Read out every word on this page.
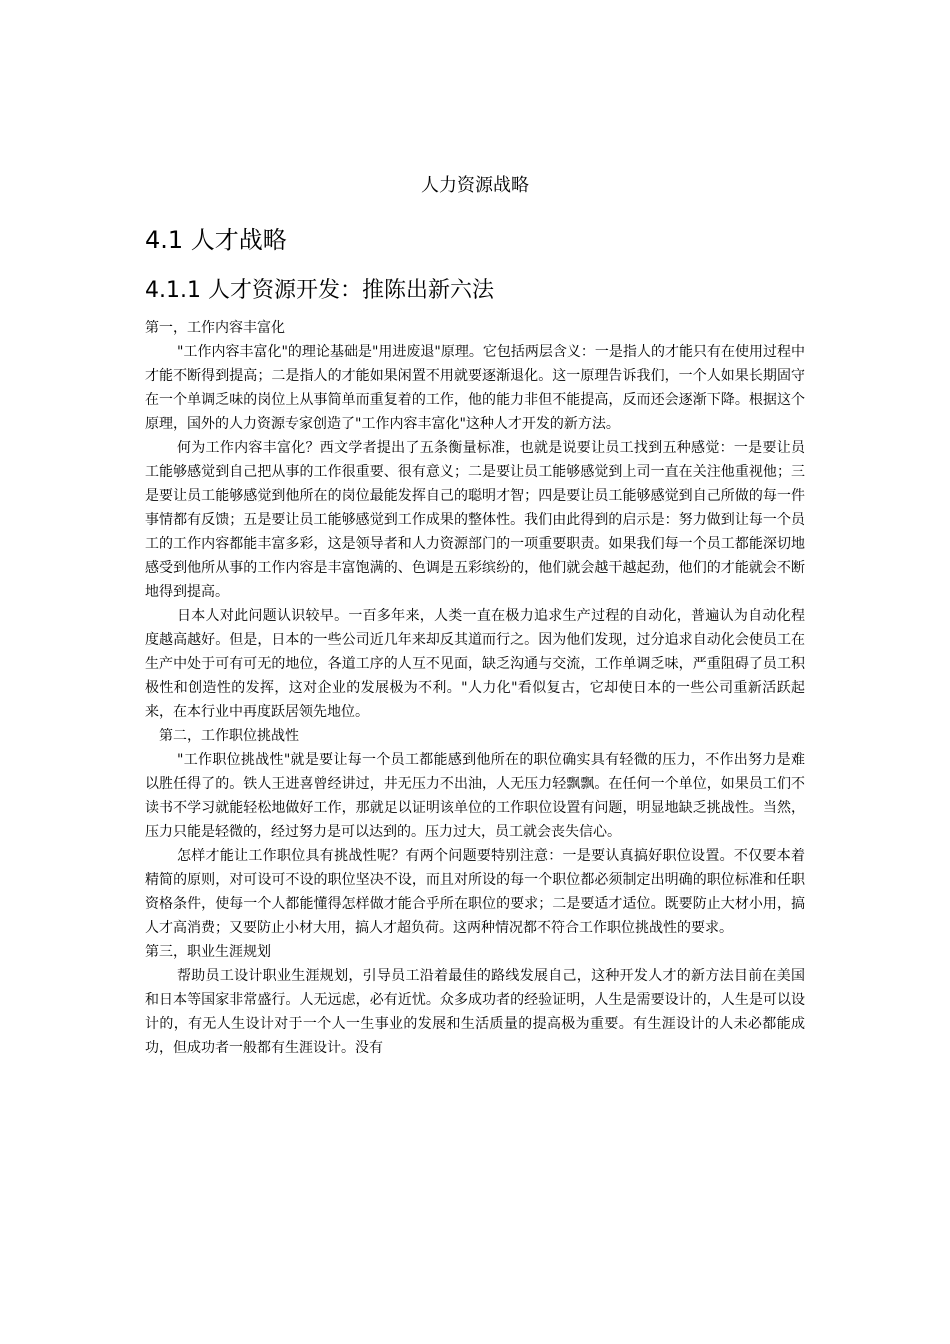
人力资源战略
4.1 人才战略
4.1.1 人才资源开发：推陈出新六法

第一，工作内容丰富化

"工作内容丰富化"的理论基础是"用进废退"原理。它包括两层含义：一是指人的才能只有在使用过程中才能不断得到提高；二是指人的才能如果闲置不用就要逐渐退化。这一原理告诉我们，一个人如果长期固守在一个单调乏味的岗位上从事简单而重复着的工作，他的能力非但不能提高，反而还会逐渐下降。根据这个原理，国外的人力资源专家创造了"工作内容丰富化"这种人才开发的新方法。

何为工作内容丰富化？西文学者提出了五条衡量标准，也就是说要让员工找到五种感觉：一是要让员工能够感觉到自己把从事的工作很重要、很有意义；二是要让员工能够感觉到上司一直在关注他重视他；三是要让员工能够感觉到他所在的岗位最能发挥自己的聪明才智；四是要让员工能够感觉到自己所做的每一件事情都有反馈；五是要让员工能够感觉到工作成果的整体性。我们由此得到的启示是：努力做到让每一个员工的工作内容都能丰富多彩，这是领导者和人力资源部门的一项重要职责。如果我们每一个员工都能深切地感受到他所从事的工作内容是丰富饱满的、色调是五彩缤纷的，他们就会越干越起劲，他们的才能就会不断地得到提高。

日本人对此问题认识较早。一百多年来，人类一直在极力追求生产过程的自动化，普遍认为自动化程度越高越好。但是，日本的一些公司近几年来却反其道而行之。因为他们发现，过分追求自动化会使员工在生产中处于可有可无的地位，各道工序的人互不见面，缺乏沟通与交流，工作单调乏味，严重阻碍了员工积极性和创造性的发挥，这对企业的发展极为不利。"人力化"看似复古，它却使日本的一些公司重新活跃起来，在本行业中再度跃居领先地位。

第二，工作职位挑战性

"工作职位挑战性"就是要让每一个员工都能感到他所在的职位确实具有轻微的压力，不作出努力是难以胜任得了的。铁人王进喜曾经讲过，井无压力不出油，人无压力轻飘飘。在任何一个单位，如果员工们不读书不学习就能轻松地做好工作，那就足以证明该单位的工作职位设置有问题，明显地缺乏挑战性。当然，压力只能是轻微的，经过努力是可以达到的。压力过大，员工就会丧失信心。

怎样才能让工作职位具有挑战性呢？有两个问题要特别注意：一是要认真搞好职位设置。不仅要本着精简的原则，对可设可不设的职位坚决不设，而且对所设的每一个职位都必须制定出明确的职位标准和任职资格条件，使每一个人都能懂得怎样做才能合乎所在职位的要求；二是要适才适位。既要防止大材小用，搞人才高消费；又要防止小材大用，搞人才超负荷。这两种情况都不符合工作职位挑战性的要求。

第三，职业生涯规划

帮助员工设计职业生涯规划，引导员工沿着最佳的路线发展自己，这种开发人才的新方法目前在美国和日本等国家非常盛行。人无远虑，必有近忧。众多成功者的经验证明，人生是需要设计的，人生是可以设计的，有无人生设计对于一个人一生事业的发展和生活质量的提高极为重要。有生涯设计的人未必都能成功，但成功者一般都有生涯设计。没有
